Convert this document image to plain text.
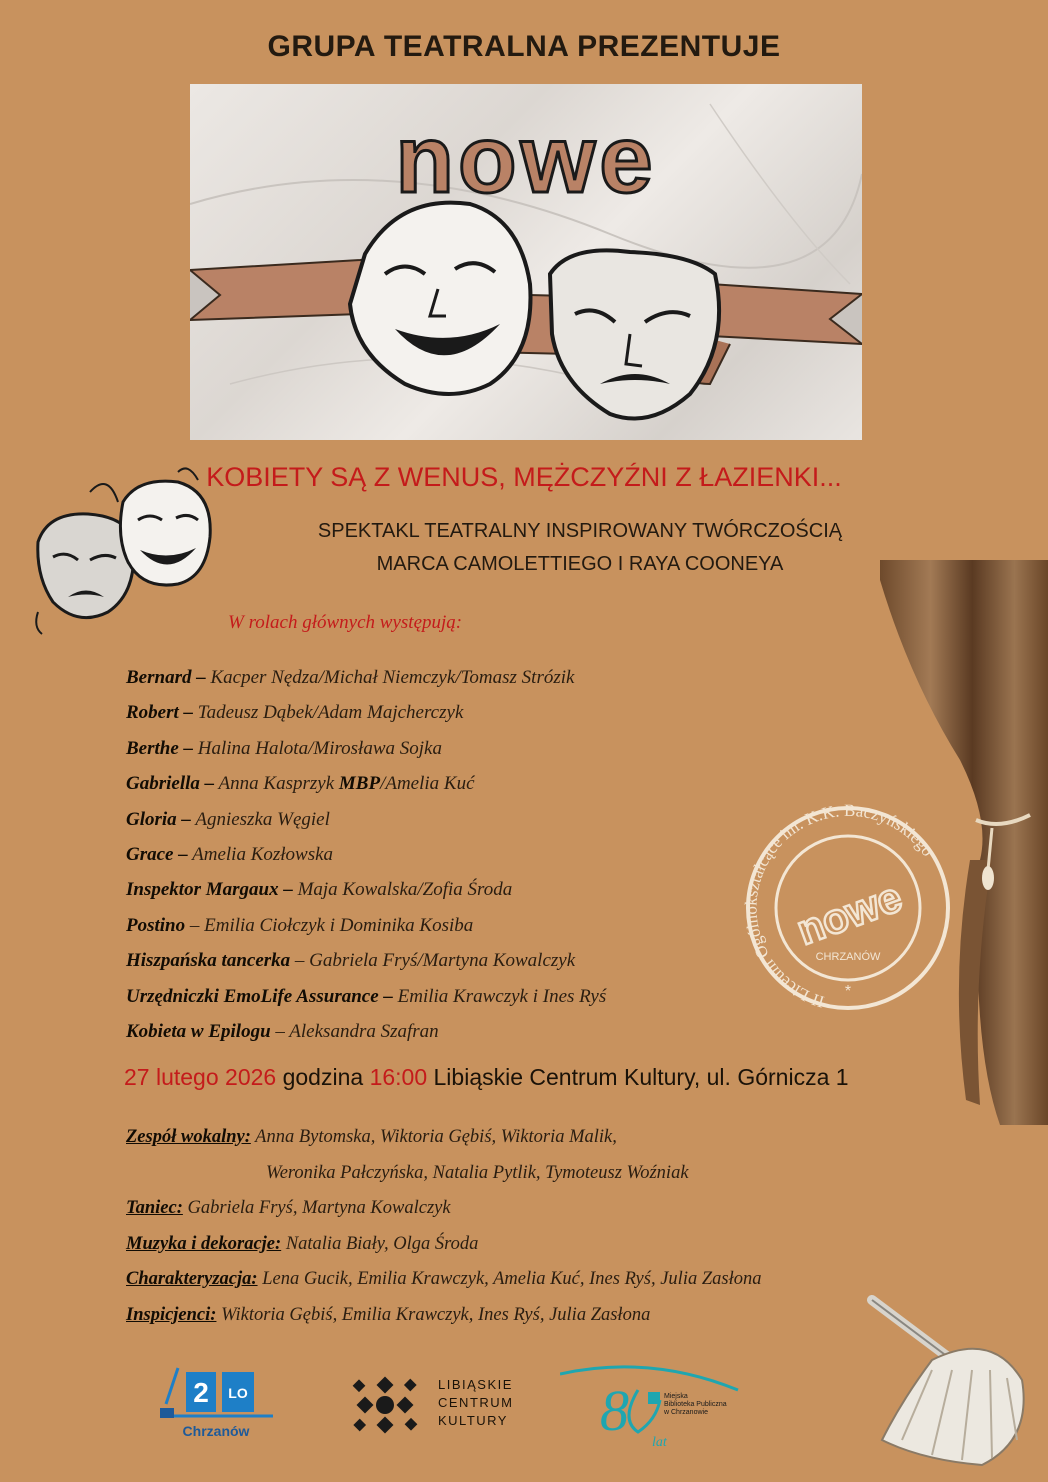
GRUPA TEATRALNA PREZENTUJE
nowe
KOBIETY SĄ Z WENUS, MĘŻCZYŹNI Z ŁAZIENKI...
SPEKTAKL TEATRALNY INSPIROWANY TWÓRCZOŚCIĄ
MARCA CAMOLETTIEGO I RAYA COONEYA
W rolach głównych występują:
Bernard – Kacper Nędza/Michał Niemczyk/Tomasz Strózik
Robert – Tadeusz Dąbek/Adam Majcherczyk
Berthe – Halina Halota/Mirosława Sojka
Gabriella – Anna Kasprzyk MBP/Amelia Kuć
Gloria – Agnieszka Węgiel
Grace – Amelia Kozłowska
Inspektor Margaux – Maja Kowalska/Zofia Środa
Postino – Emilia Ciołczyk i Dominika Kosiba
Hiszpańska tancerka – Gabriela Fryś/Martyna Kowalczyk
Urzędniczki EmoLife Assurance – Emilia Krawczyk i Ines Ryś
Kobieta w Epilogu – Aleksandra Szafran
II Liceum Ogólnokształcące im. K.K. Baczyńskiego
nowe
CHRZANÓW
*
27 lutego 2026 godzina 16:00 Libiąskie Centrum Kultury, ul. Górnicza 1
Zespół wokalny: Anna Bytomska, Wiktoria Gębiś, Wiktoria Malik,
Weronika Pałczyńska, Natalia Pytlik, Tymoteusz Woźniak
Taniec: Gabriela Fryś, Martyna Kowalczyk
Muzyka i dekoracje: Natalia Biały, Olga Środa
Charakteryzacja: Lena Gucik, Emilia Krawczyk, Amelia Kuć, Ines Ryś, Julia Zasłona
Inspicjenci: Wiktoria Gębiś, Emilia Krawczyk, Ines Ryś, Julia Zasłona
2 LO
Chrzanów
LIBIĄSKIE
CENTRUM
KULTURY 8	Miejska
Biblioteka Publiczna
w Chrzanowie
lat
